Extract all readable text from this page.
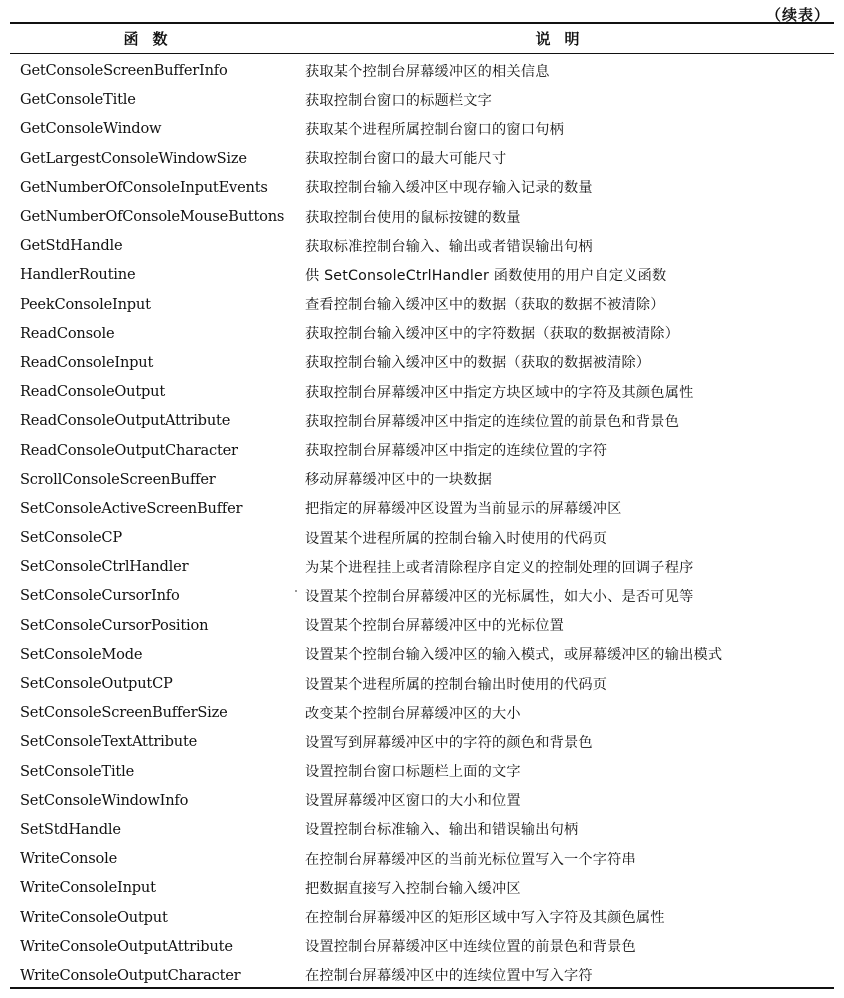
（续表）
函数	说明
GetConsoleScreenBufferInfo	获取某个控制台屏幕缓冲区的相关信息
GetConsoleTitle	获取控制台窗口的标题栏文字
GetConsoleWindow	获取某个进程所属控制台窗口的窗口句柄
GetLargestConsoleWindowSize	获取控制台窗口的最大可能尺寸
GetNumberOfConsoleInputEvents	获取控制台输入缓冲区中现存输入记录的数量
GetNumberOfConsoleMouseButtons	获取控制台使用的鼠标按键的数量
GetStdHandle	获取标准控制台输入、输出或者错误输出句柄
HandlerRoutine	供 SetConsoleCtrlHandler 函数使用的用户自定义函数
PeekConsoleInput	查看控制台输入缓冲区中的数据（获取的数据不被清除）
ReadConsole	获取控制台输入缓冲区中的字符数据（获取的数据被清除）
ReadConsoleInput	获取控制台输入缓冲区中的数据（获取的数据被清除）
ReadConsoleOutput	获取控制台屏幕缓冲区中指定方块区域中的字符及其颜色属性
ReadConsoleOutputAttribute	获取控制台屏幕缓冲区中指定的连续位置的前景色和背景色
ReadConsoleOutputCharacter	获取控制台屏幕缓冲区中指定的连续位置的字符
ScrollConsoleScreenBuffer	移动屏幕缓冲区中的一块数据
SetConsoleActiveScreenBuffer	把指定的屏幕缓冲区设置为当前显示的屏幕缓冲区
SetConsoleCP	设置某个进程所属的控制台输入时使用的代码页
SetConsoleCtrlHandler	为某个进程挂上或者清除程序自定义的控制处理的回调子程序
SetConsoleCursorInfo	设置某个控制台屏幕缓冲区的光标属性，如大小、是否可见等
SetConsoleCursorPosition	设置某个控制台屏幕缓冲区中的光标位置
SetConsoleMode	设置某个控制台输入缓冲区的输入模式，或屏幕缓冲区的输出模式
SetConsoleOutputCP	设置某个进程所属的控制台输出时使用的代码页
SetConsoleScreenBufferSize	改变某个控制台屏幕缓冲区的大小
SetConsoleTextAttribute	设置写到屏幕缓冲区中的字符的颜色和背景色
SetConsoleTitle	设置控制台窗口标题栏上面的文字
SetConsoleWindowInfo	设置屏幕缓冲区窗口的大小和位置
SetStdHandle	设置控制台标准输入、输出和错误输出句柄
WriteConsole	在控制台屏幕缓冲区的当前光标位置写入一个字符串
WriteConsoleInput	把数据直接写入控制台输入缓冲区
WriteConsoleOutput	在控制台屏幕缓冲区的矩形区域中写入字符及其颜色属性
WriteConsoleOutputAttribute	设置控制台屏幕缓冲区中连续位置的前景色和背景色
WriteConsoleOutputCharacter	在控制台屏幕缓冲区中的连续位置中写入字符
